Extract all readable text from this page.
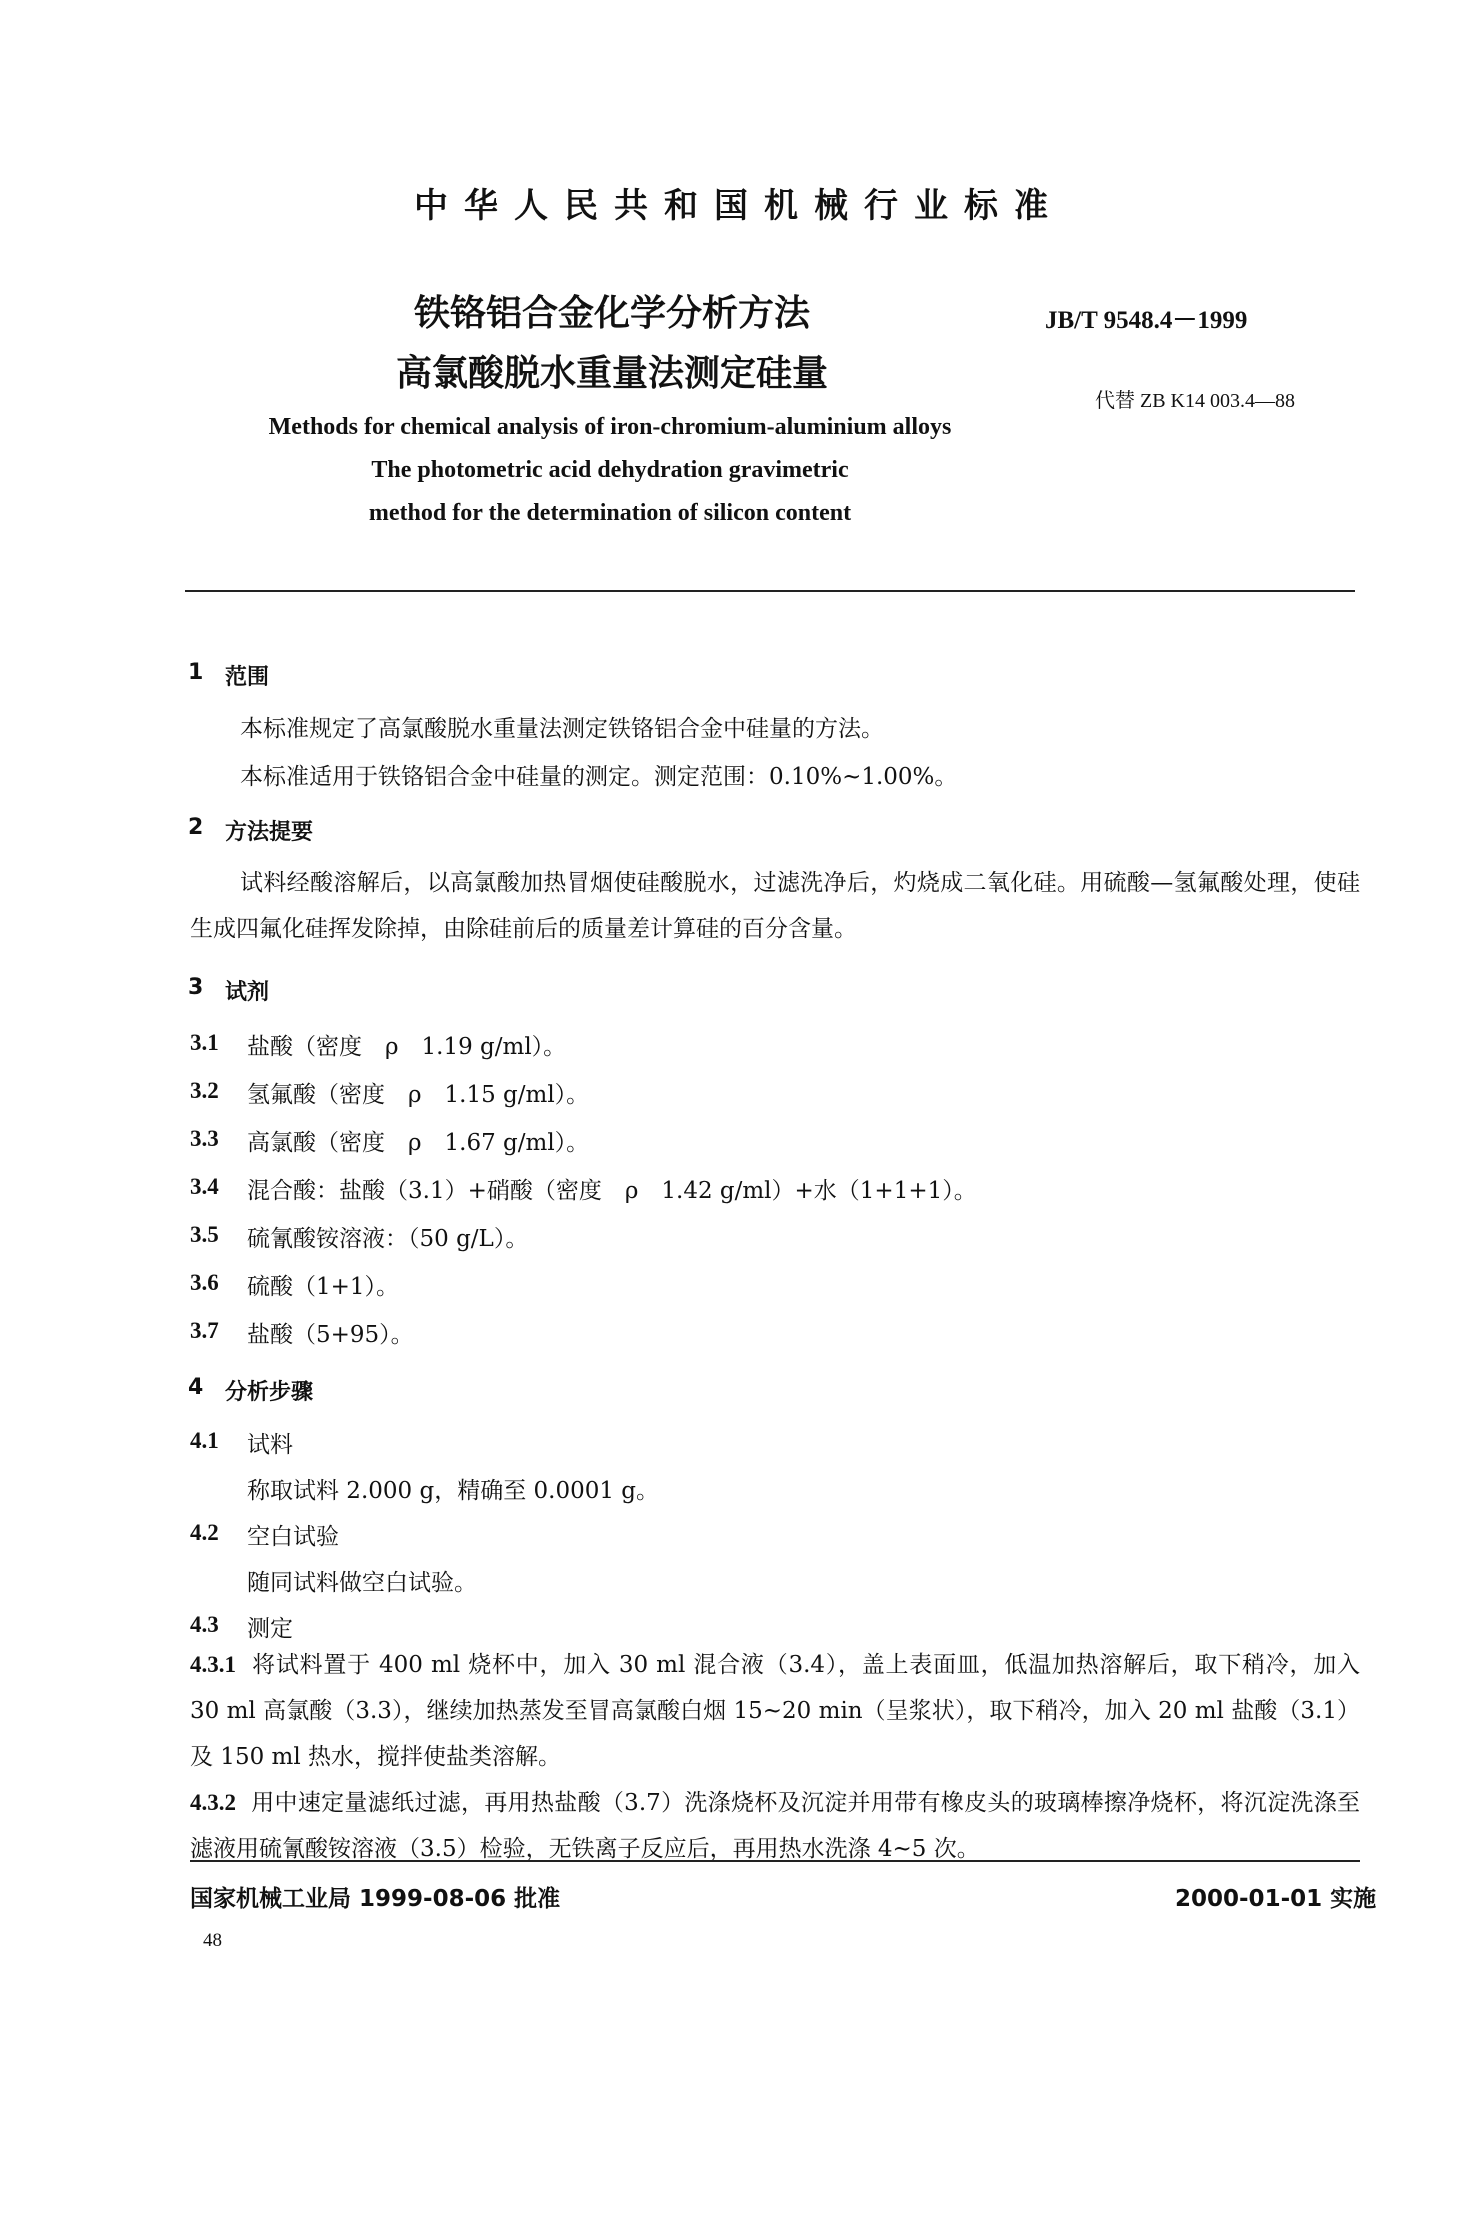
中华人民共和国机械行业标准
铁铬铝合金化学分析方法
高氯酸脱水重量法测定硅量
JB/T 9548.4－1999
代替 ZB K14 003.4—88
Methods for chemical analysis of iron-chromium-aluminium alloys
The photometric acid dehydration gravimetric
method for the determination of silicon content
1 范围
本标准规定了高氯酸脱水重量法测定铁铬铝合金中硅量的方法。
本标准适用于铁铬铝合金中硅量的测定。测定范围：0.10%~1.00%。
2 方法提要
试料经酸溶解后，以高氯酸加热冒烟使硅酸脱水，过滤洗净后，灼烧成二氧化硅。用硫酸—氢氟酸处理，使硅生成四氟化硅挥发除掉，由除硅前后的质量差计算硅的百分含量。
3 试剂
3.1 盐酸（密度　ρ　1.19 g/ml）。
3.2 氢氟酸（密度　ρ　1.15 g/ml）。
3.3 高氯酸（密度　ρ　1.67 g/ml）。
3.4 混合酸：盐酸（3.1）+硝酸（密度　ρ　1.42 g/ml）+水（1+1+1）。
3.5 硫氰酸铵溶液：（50 g/L）。
3.6 硫酸（1+1）。
3.7 盐酸（5+95）。
4 分析步骤
4.1 试料
称取试料 2.000 g，精确至 0.0001 g。
4.2 空白试验
随同试料做空白试验。
4.3 测定
4.3.1 将试料置于 400 ml 烧杯中，加入 30 ml 混合液（3.4），盖上表面皿，低温加热溶解后，取下稍冷，加入 30 ml 高氯酸（3.3），继续加热蒸发至冒高氯酸白烟 15~20 min（呈浆状），取下稍冷，加入 20 ml 盐酸（3.1）及 150 ml 热水，搅拌使盐类溶解。
4.3.2 用中速定量滤纸过滤，再用热盐酸（3.7）洗涤烧杯及沉淀并用带有橡皮头的玻璃棒擦净烧杯，将沉淀洗涤至滤液用硫氰酸铵溶液（3.5）检验，无铁离子反应后，再用热水洗涤 4~5 次。
国家机械工业局 1999-08-06 批准	2000-01-01 实施
48
